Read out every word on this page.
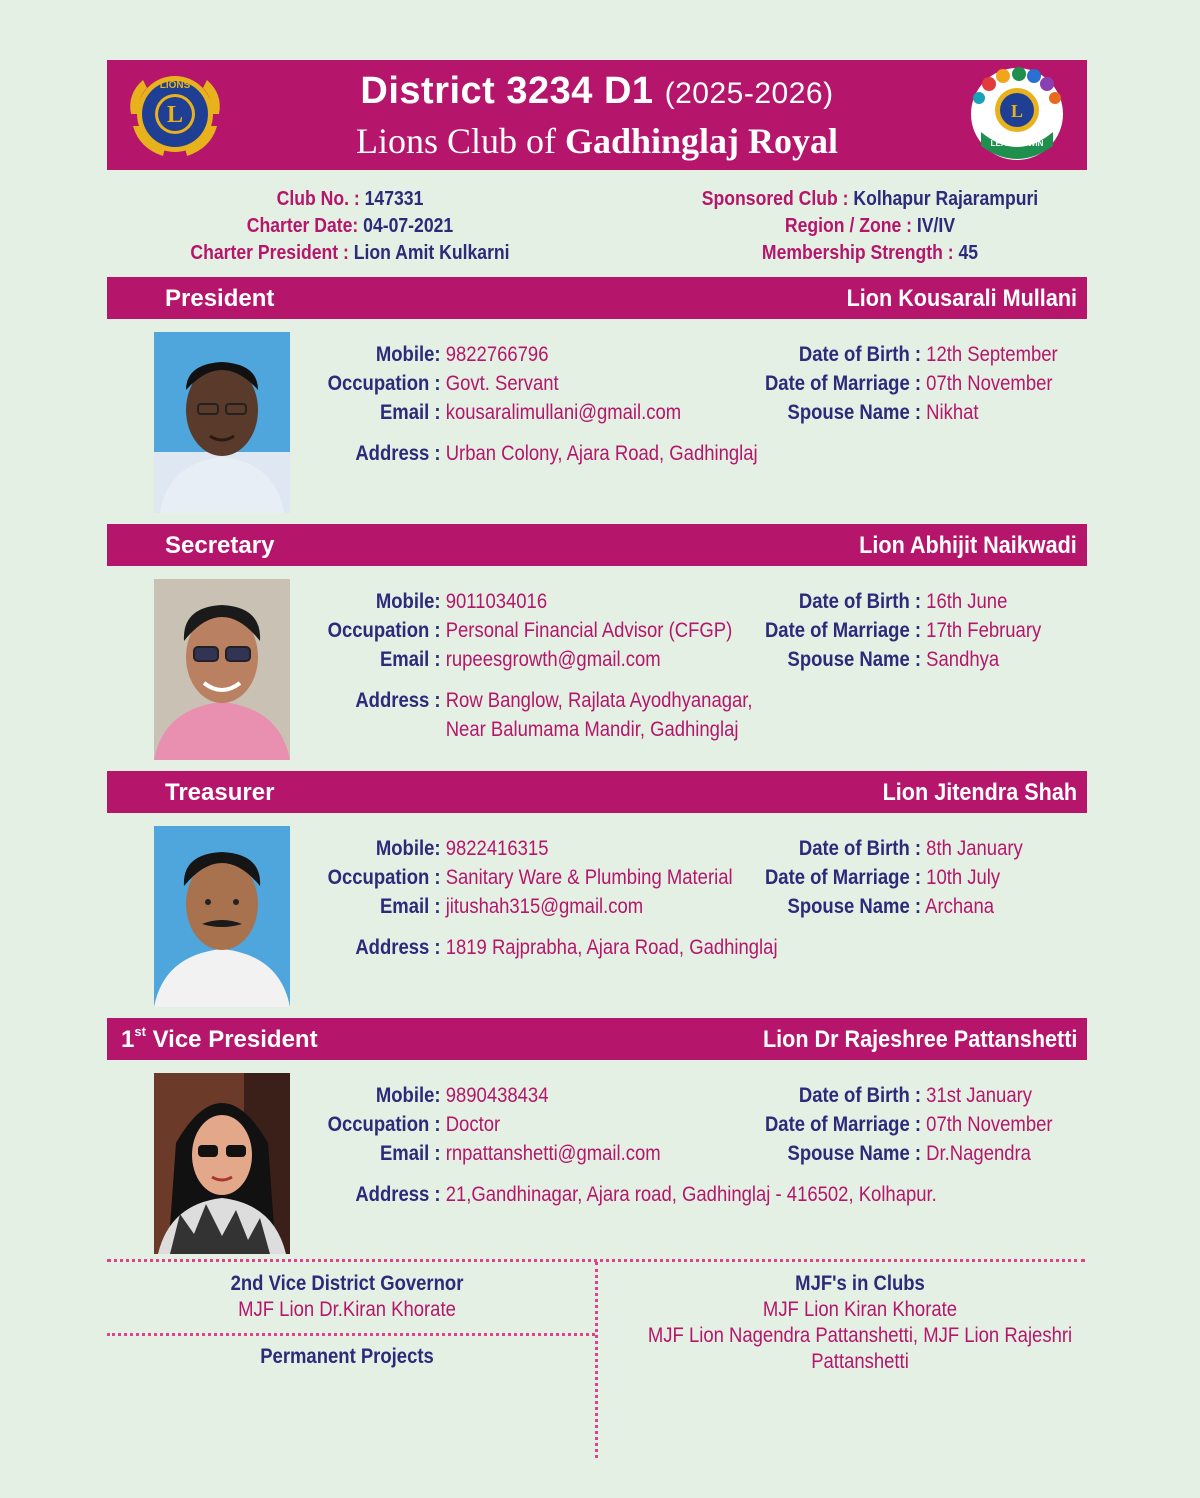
L
LIONS	District 3234 D1 (2025-2026)
Lions Club of Gadhinglaj Royal
L
LEAD TO WIN
Club No. : 147331
Charter Date: 04-07-2021
Charter President : Lion Amit Kulkarni
Sponsored Club : Kolhapur Rajarampuri
Region / Zone : IV/IV
Membership Strength : 45
President	Lion Kousarali Mullani
Mobile: 9822766796
Occupation : Govt. Servant
Email : kousaralimullani@gmail.com
Address : Urban Colony, Ajara Road, Gadhinglaj
Date of Birth : 12th September
Date of Marriage : 07th November
Spouse Name : Nikhat
Secretary	Lion Abhijit Naikwadi
Mobile: 9011034016
Occupation : Personal Financial Advisor (CFGP)
Email : rupeesgrowth@gmail.com
Address : Row Banglow, Rajlata Ayodhyanagar,
Near Balumama Mandir, Gadhinglaj
Date of Birth : 16th June
Date of Marriage : 17th February
Spouse Name : Sandhya
Treasurer	Lion Jitendra Shah
Mobile: 9822416315
Occupation : Sanitary Ware & Plumbing Material
Email : jitushah315@gmail.com
Address : 1819 Rajprabha, Ajara Road, Gadhinglaj
Date of Birth : 8th January
Date of Marriage : 10th July
Spouse Name : Archana
1st Vice President	Lion Dr Rajeshree Pattanshetti
Mobile: 9890438434
Occupation : Doctor
Email : rnpattanshetti@gmail.com
Address : 21,Gandhinagar, Ajara road, Gadhinglaj - 416502, Kolhapur.
Date of Birth : 31st January
Date of Marriage : 07th November
Spouse Name : Dr.Nagendra
2nd Vice District Governor
MJF Lion Dr.Kiran Khorate
Permanent Projects
MJF's in Clubs
MJF Lion Kiran Khorate
MJF Lion Nagendra Pattanshetti, MJF Lion Rajeshri Pattanshetti
